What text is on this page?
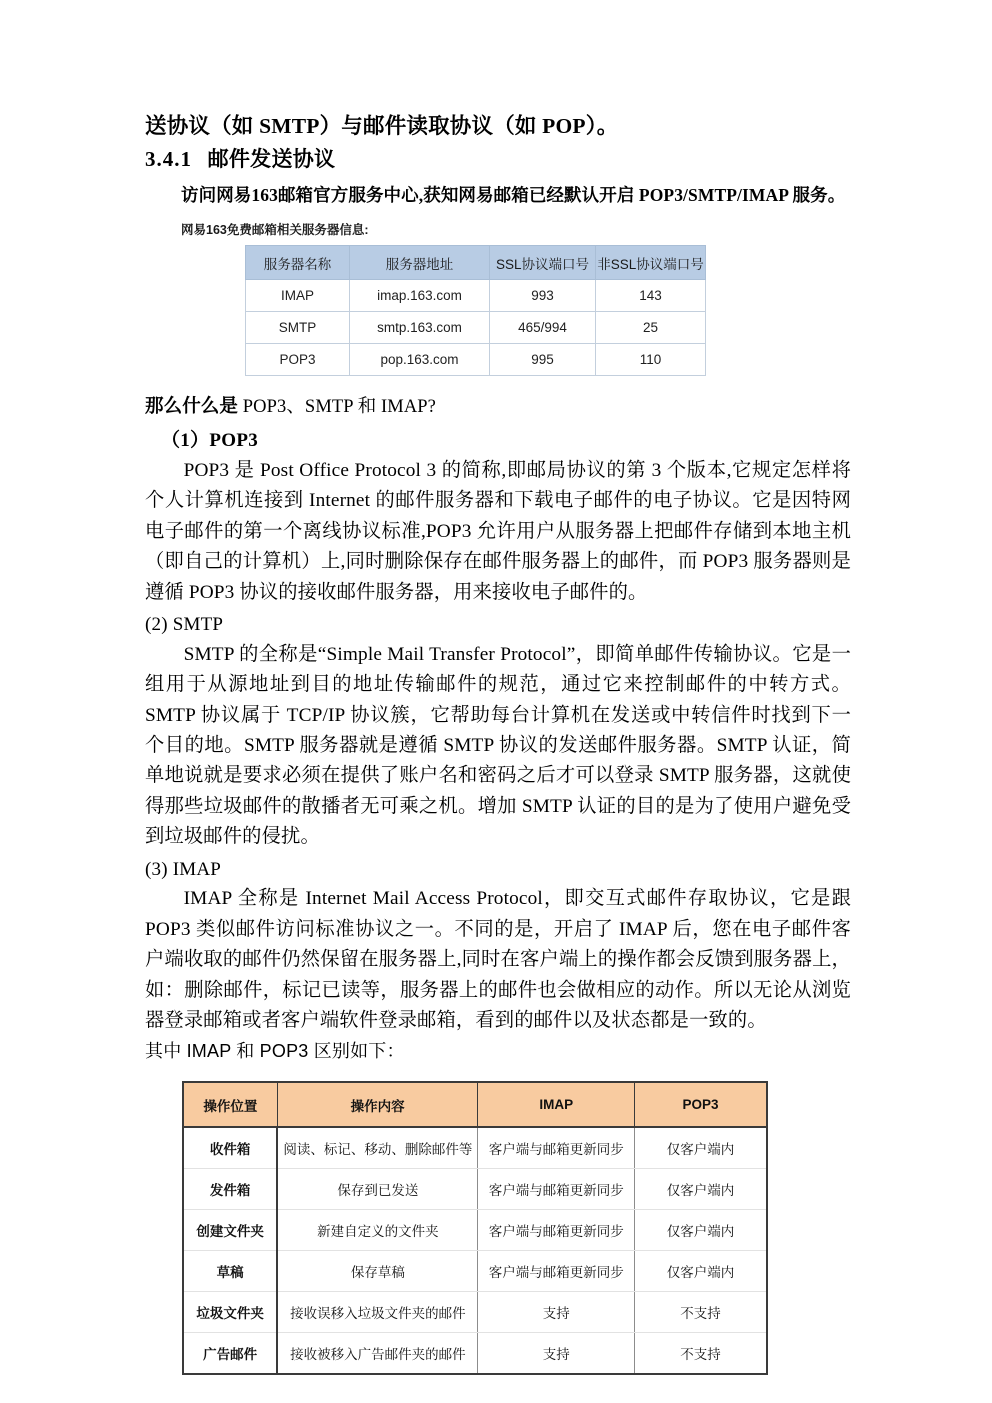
送协议（如 SMTP）与邮件读取协议（如 POP）。
3.4.1 邮件发送协议
访问网易163邮箱官方服务中心,获知网易邮箱已经默认开启 POP3/SMTP/IMAP 服务。
网易163免费邮箱相关服务器信息:
服务器名称	服务器地址	SSL协议端口号	非SSL协议端口号
IMAP	imap.163.com	993	143
SMTP	smtp.163.com	465/994	25
POP3	pop.163.com	995	110
那么什么是 POP3、SMTP 和 IMAP?
（1）POP3

POP3 是 Post Office Protocol 3 的简称,即邮局协议的第 3 个版本,它规定怎样将个人计算机连接到 Internet 的邮件服务器和下载电子邮件的电子协议。它是因特网电子邮件的第一个离线协议标准,POP3 允许用户从服务器上把邮件存储到本地主机（即自己的计算机）上,同时删除保存在邮件服务器上的邮件，而 POP3 服务器则是遵循 POP3 协议的接收邮件服务器，用来接收电子邮件的。

(2) SMTP

SMTP 的全称是“Simple Mail Transfer Protocol”，即简单邮件传输协议。它是一组用于从源地址到目的地址传输邮件的规范，通过它来控制邮件的中转方式。SMTP 协议属于 TCP/IP 协议簇，它帮助每台计算机在发送或中转信件时找到下一个目的地。SMTP 服务器就是遵循 SMTP 协议的发送邮件服务器。SMTP 认证，简单地说就是要求必须在提供了账户名和密码之后才可以登录 SMTP 服务器，这就使得那些垃圾邮件的散播者无可乘之机。增加 SMTP 认证的目的是为了使用户避免受到垃圾邮件的侵扰。

(3) IMAP

IMAP 全称是 Internet Mail Access Protocol，即交互式邮件存取协议，它是跟 POP3 类似邮件访问标准协议之一。不同的是，开启了 IMAP 后，您在电子邮件客户端收取的邮件仍然保留在服务器上,同时在客户端上的操作都会反馈到服务器上，如：删除邮件，标记已读等，服务器上的邮件也会做相应的动作。所以无论从浏览器登录邮箱或者客户端软件登录邮箱，看到的邮件以及状态都是一致的。

其中 IMAP 和 POP3 区别如下：
操作位置	操作内容	IMAP	POP3
收件箱	阅读、标记、移动、删除邮件等	客户端与邮箱更新同步	仅客户端内
发件箱	保存到已发送	客户端与邮箱更新同步	仅客户端内
创建文件夹	新建自定义的文件夹	客户端与邮箱更新同步	仅客户端内
草稿	保存草稿	客户端与邮箱更新同步	仅客户端内
垃圾文件夹	接收误移入垃圾文件夹的邮件	支持	不支持
广告邮件	接收被移入广告邮件夹的邮件	支持	不支持
